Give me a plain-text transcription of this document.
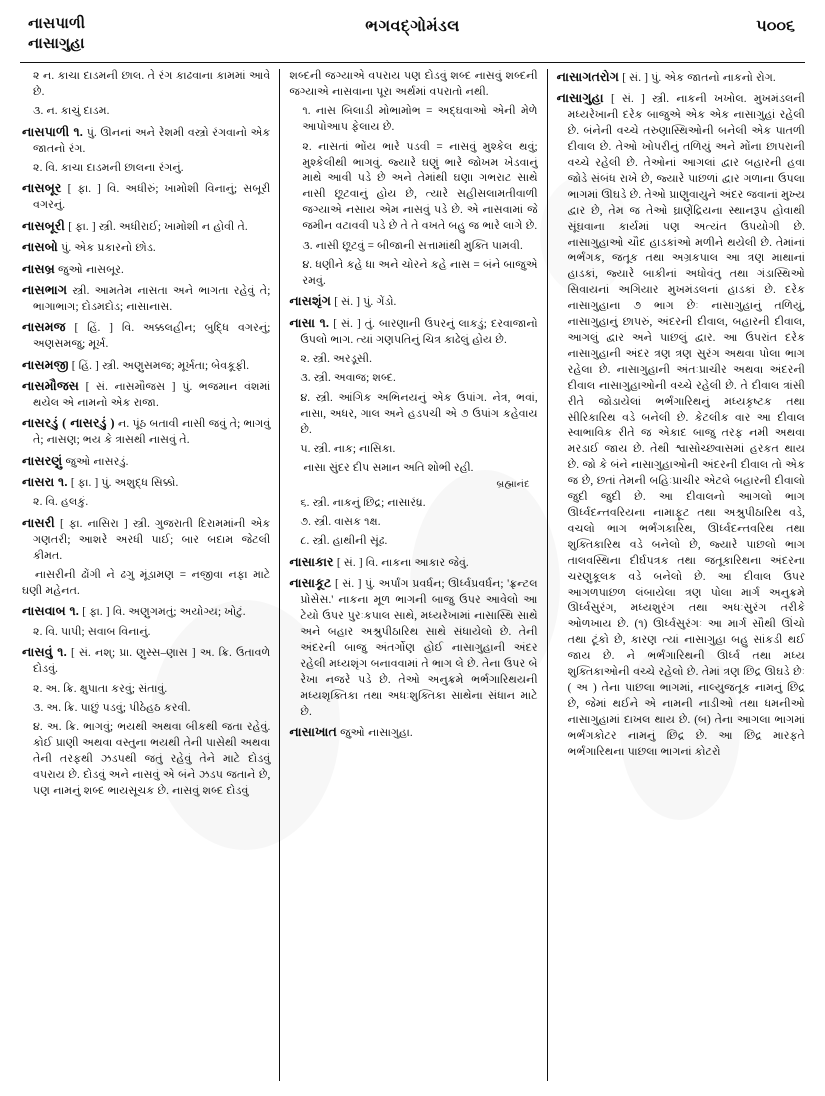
નાસપાળી
નાસાગુહા
ભગવદ્ગોમંડલ	૫૦૦૬

૨ ન. કાચા દાડમની છાલ. તે રંગ કાઢવાના કામમાં આવે છે.

૩. ન. કાચું દાડમ.

નાસપાળી ૧. પું. ઊનનાં અને રેશમી વસ્ત્રો રંગવાનો એક જાતનો રંગ.

૨. વિ. કાચા દાડમની છાલના રંગનું.

નાસબૂર [ ફા. ] વિ. અધીરું; ખામોશી વિનાનું; સબૂરી વગરનું.

નાસબૂરી [ ફા. ] સ્ત્રી. અધીરાઈ; ખામોશી ન હોવી તે.

નાસબો પું. એક પ્રકારનો છોડ.

નાસબ્ર જુઓ નાસબૂર.

નાસભાગ સ્ત્રી. આમતેમ નાસતા અને ભાગતા રહેવું તે; ભાગાભાગ; દોડમદોડ; નાસાનાસ.

નાસમજ [ હિં. ] વિ. અક્કલહીન; બુદ્ધિ વગરનું; અણસમજુ; મૂર્ખ.

નાસમજી [ હિં. ] સ્ત્રી. અણુસમજ; મૂર્ખતા; બેવકૂફી.

નાસમૌજસ [ સં. નાસમૌજસ ] પું. ભજમાન વંશમાં થયેલ એ નામનો એક રાજા.

નાસરડું ( નાસરડું ) ન. પૂંઠ બતાવી નાસી જવું તે; ભાગવું તે; નાસણ; ભય કે ત્રાસથી નાસવું તે.

નાસરણું જુઓ નાસરડું.

નાસરા ૧. [ ફા. ] પું. અશુદ્ધ સિક્કો.

૨. વિ. હલકું.

નાસરી [ ફા. નાસિરા ] સ્ત્રી. ગુજરાતી દિરામમાંની એક ગણતરી; આશરે અરધી પાઈ; બાર બદામ જેટલી કીમત.

નાસરીની ઢોંગી ને ઢગુ મૂંડામણ = નજીવા નફા માટે ઘણી મહેનત.

નાસવાબ ૧. [ ફા. ] વિ. અણુગમતું; અયોગ્ય; ખોટું.

૨. વિ. પાપી; સવાબ વિનાનું.

નાસવું ૧. [ સં. નશ્; પ્રા. ણુસ્સ–ણાસ ] અ. ક્રિ. ઉતાવળે દોડવું.

૨. અ. ક્રિ. ક્ષુપાતા કરવું; સંતાવું.

૩. અ. ક્રિ. પાછું પડવું; પીઠેહઠ કરવી.

૪. અ. ક્રિ. ભાગવું; ભયથી અથવા બીકથી જતા રહેવું. કોઈ પ્રાણી અથવા વસ્તુના ભયથી તેની પાસેથી અથવા તેની તરફથી ઝડપથી જતું રહેવું તેને માટે દોડવું વપરાય છે. દોડવું અને નાસવું એ બંને ઝડપ જતાને છે, પણ નામનું શબ્દ ભાયસૂચક છે. નાસવું શબ્દ દોડવું

શબ્દની જગ્યાએ વપરાય પણ દોડવું શબ્દ નાસવું શબ્દની જગ્યાએ નાસવાના પૂરા અર્થમાં વપરાતો નથી.

૧. નાસ બિલાડી મોભામોભ = અદ્ઘવાઓ એની મેળે આપોઆપ ફેલાય છે.

૨. નાસતાં ભોંય ભારે પડવી = નાસવું મુશ્કેલ થવું; મુશ્કેલીથી ભાગવું. જ્યારે ઘણું ભારે જોખમ ખેડવાનું માથે આવી પડે છે અને તેમાંથી ઘણા ગભરાટ સાથે નાસી છૂટવાનું હોય છે, ત્યારે સહીસલામતીવાળી જગ્યાએ નસાય એમ નાસવું પડે છે. એ નાસવામાં જે જમીન વટાવવી પડે છે તે તે વખતે બહુ જ ભારે લાગે છે.

૩. નાસી છૂટવું = બીજાની સત્તામાંથી મુક્તિ પામવી.

૪. ધણીને કહે ધા અને ચોરને કહે નાસ = બંને બાજુએ રમવું.

નાસશૃંગ [ સં. ] પું. ગેંડો.

નાસા ૧. [ સં. ] તું. બારણાની ઉપરનું લાકડું; દરવાજાનો ઉપલો ભાગ. ત્યાં ગણપતિનું ચિત્ર કાઢેલું હોય છે.

૨. સ્ત્રી. અરડૂસી.

૩. સ્ત્રી. અવાજ; શબ્દ.

૪. સ્ત્રી. આંગિક અભિનયનું એક ઉપાંગ. નેત્ર, ભવાં, નાસા, અધર, ગાલ અને હડપચી એ ૭ ઉપાંગ કહેવાય છે.

૫. સ્ત્રી. નાક; નાસિકા.

નાસા સુંદર દીપ સમાન અતિ શોભી રહી.

બ્રહ્માનંદ

૬. સ્ત્રી. નાકનું છિદ્ર; નાસારંધ્ર.

૭. સ્ત્રી. વાસક ૧ક્ષ.

૮. સ્ત્રી. હાથીની સૂંઢ.

નાસાકાર [ સં. ] વિ. નાકના આકાર જેવું.

નાસાકૂટ [ સં. ] પું. અર્પાંગ પ્રવર્ધન; ઊર્ધ્વપ્રવર્ધન; 'ફ્રન્ટલ પ્રોસેસ.' નાકના મૂળ ભાગની બાજુ ઉપર આવેલો આ ટેયો ઉપર પુરઃકપાલ સાથે, મધ્યરેખામાં નાસાસ્થિ સાથે અને બહાર અશ્રુપીઠારિથ સાથે સંધાયેલો છે. તેની અંદરની બાજુ અંતર્ગોણ હોઈ નાસાગુહાની અંદર રહેલી મધ્યશૃંગ બનાવવામાં તે ભાગ લે છે. તેના ઉપર બે રેખા નજરે પડે છે. તેઓ અનુક્રમે ભર્ભગારિથયની મધ્યશૃક્તિકા તથા અધઃશુક્તિકા સાથેના સંધાન માટે છે.

નાસાખાત જુઓ નાસાગુહા.

નાસાગતરોગ [ સં. ] પું. એક જાતનો નાકનો રોગ.

નાસાગુહા [ સં. ] સ્ત્રી. નાકની ખખોલ. મુખમંડલની મધ્યરેખાની દરેક બાજુએ એક એક નાસાગુહાં રહેલી છે. બંનેની વચ્ચે તરુણાસ્થિઓની બનેલી એક પાતળી દીવાલ છે. તેઓ ખોપરીનું તળિયું અને મોંના છાપરાની વચ્ચે રહેલી છે. તેઓનાં આગલાં દ્વાર બહારની હવા જોડે સંબંધ રાખે છે, જ્યારે પાછળાં દ્વાર ગળાના ઉપલા ભાગમાં ઊઘડે છે. તેઓ પ્રાણુવાયુને અંદર જવાનાં મુખ્ય દ્વાર છે, તેમ જ તેઓ ઘ્રાણેંદ્રિયના સ્થાનરૂપ હોવાથી સૂંઘવાના કાર્યમાં પણ અત્યંત ઉપયોગી છે. નાસાગુહાઓ ચૌદ હાડકાંઓ મળીને થયેલી છે. તેમાંનાં ભર્ભંગક, જતૂક તથા અગ્રકપાલ આ ત્રણ માથાનાં હાડકાં, જ્યારે બાકીનાં અધોવંતુ તથા ગંડાસ્થિઓ સિવાયનાં અગિયાર મુખમંડલનાં હાડકાં છે. દરેક નાસાગુહાના ૭ ભાગ છેઃ નાસાગુહાનું તળિયું, નાસાગુહાનું છાપરું, અંદરની દીવાલ, બહારની દીવાલ, આગલું દ્વાર અને પાછલું દ્વાર. આ ઉપરાંત દરેક નાસાગુહાની અંદર ત્રણ ત્રણ સુરંગ અથવા પોલા ભાગ રહેલા છે. નાસાગુહાની અંતઃપ્રાચીર અથવા અંદરની દીવાલ નાસાગુહાઓની વચ્ચે રહેલી છે. તે દીવાલ ત્રાંસી રીતે જોડાયેલાં ભર્ભંગારિથનું મધ્યકૃષ્ટક તથા સીરિકારિથ વડે બનેલી છે. કેટલીક વાર આ દીવાલ સ્વાભાવિક રીતે જ એકાદ બાજુ તરફ નમી અથવા મરડાઈ જાય છે. તેથી શ્વાસોચ્છ્વાસમાં હરકત થાય છે. જો કે બંને નાસાગુહાઓની અંદરની દીવાલ તો એક જ છે, છતાં તેમની બહિઃપ્રાચીર એટલે બહારની દીવાલો જુદી જુદી છે. આ દીવાલનો આગલો ભાગ ઊર્ધ્વદન્તવરિયના નામાફૂટ તથા અશ્રુપીઠારિથ વડે, વચલો ભાગ ભર્ભંગકારિથ, ઊર્ધ્વદન્તવરિથ તથા શુક્તિકારિથ વડે બનેલો છે, જ્યારે પાછલો ભાગ તાલવસ્થિના દીર્ઘપત્રક તથા જતૂકારિથના અંદરના ચરણુકૂલક વડે બનેલો છે. આ દીવાલ ઉપર આગળપાછળ લંબાયેલા ત્રણ પોલા માર્ગ અનુક્રમે ઊર્ધ્વસુરંગ, મધ્યશુરંગ તથા અધઃસુરંગ તરીકે ઓળખાય છે. (૧) ઊર્ધ્વસુરંગઃ આ માર્ગ સૌથી ઊંચો તથા ટૂંકો છે, કારણ ત્યાં નાસાગુહા બહુ સાંકડી થઈ જાય છે. ને ભર્ભંગારિથની ઊર્ધ્વ તથા મધ્ય શુક્તિકાઓની વચ્ચે રહેલો છે. તેમાં ત્રણ છિદ્ર ઊઘડે છેઃ ( અ ) તેના પાછલા ભાગમાં, નાલ્યુજતૂક નામનું છિદ્ર છે, જેમાં થઈને એ નામની નાડીઓ તથા ધમનીઓ નાસાગુહામાં દાખલ થાય છે. (બ) તેના આગલા ભાગમાં ભર્ભંગકોટર નામનું છિદ્ર છે. આ છિદ્ર મારફતે ભર્ભંગારિથના પાછલા ભાગનાં કોટરો
